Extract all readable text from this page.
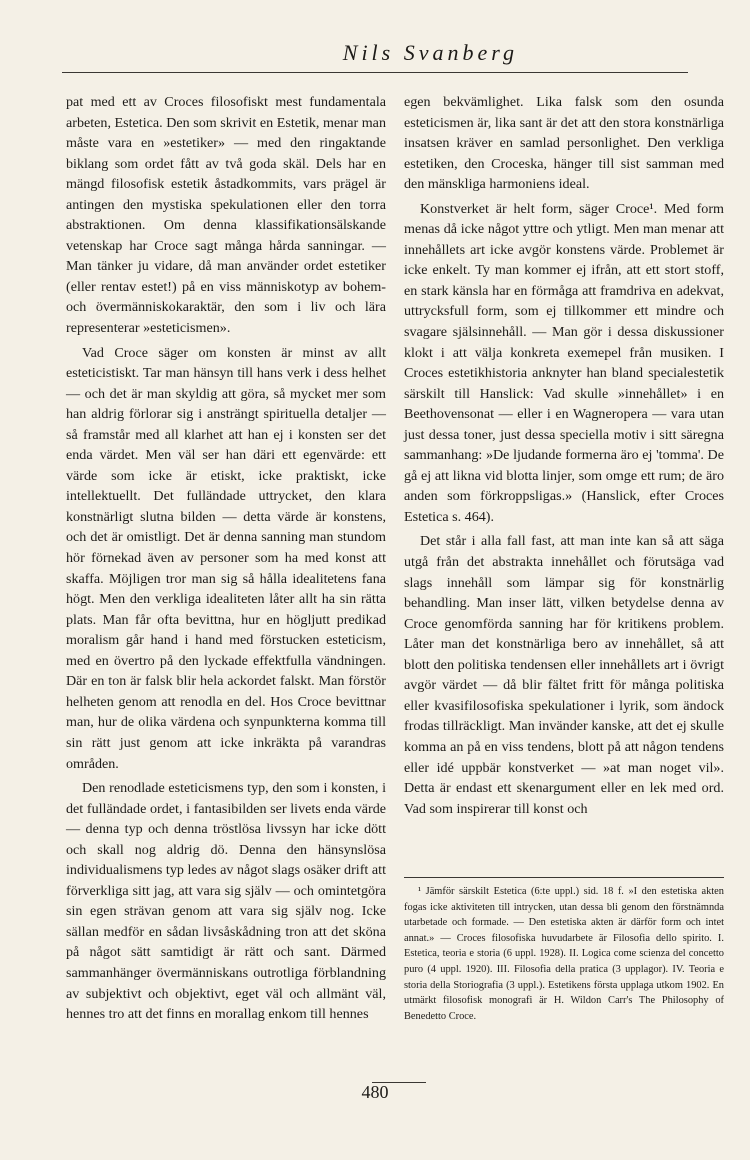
Nils Svanberg

pat med ett av Croces filosofiskt mest fundamentala arbeten, Estetica. Den som skrivit en Estetik, menar man måste vara en »estetiker» — med den ringaktande biklang som ordet fått av två goda skäl. Dels har en mängd filosofisk estetik åstadkommits, vars prägel är antingen den mystiska spekulationen eller den torra abstraktionen. Om denna klassifikationsälskande vetenskap har Croce sagt många hårda sanningar. — Man tänker ju vidare, då man använder ordet estetiker (eller rentav estet!) på en viss människotyp av bohem- och övermänniskokaraktär, den som i liv och lära representerar »esteticismen».

Vad Croce säger om konsten är minst av allt esteticistiskt. Tar man hänsyn till hans verk i dess helhet — och det är man skyldig att göra, så mycket mer som han aldrig förlorar sig i ansträngt spirituella detaljer — så framstår med all klarhet att han ej i konsten ser det enda värdet. Men väl ser han däri ett egenvärde: ett värde som icke är etiskt, icke praktiskt, icke intellektuellt. Det fulländade uttrycket, den klara konstnärligt slutna bilden — detta värde är konstens, och det är omistligt. Det är denna sanning man stundom hör förnekad även av personer som ha med konst att skaffa. Möjligen tror man sig så hålla idealitetens fana högt. Men den verkliga idealiteten låter allt ha sin rätta plats. Man får ofta bevittna, hur en högljutt predikad moralism går hand i hand med förstucken esteticism, med en övertro på den lyckade effektfulla vändningen. Där en ton är falsk blir hela ackordet falskt. Man förstör helheten genom att renodla en del. Hos Croce bevittnar man, hur de olika värdena och synpunkterna komma till sin rätt just genom att icke inkräkta på varandras områden.

Den renodlade esteticismens typ, den som i konsten, i det fulländade ordet, i fantasibilden ser livets enda värde — denna typ och denna tröstlösa livssyn har icke dött och skall nog aldrig dö. Denna den hänsynslösa individualismens typ ledes av något slags osäker drift att förverkliga sitt jag, att vara sig själv — och omintetgöra sin egen strävan genom att vara sig själv nog. Icke sällan medför en sådan livsåskådning tron att det sköna på något sätt samtidigt är rätt och sant. Därmed sammanhänger övermänniskans outrotliga förblandning av subjektivt och objektivt, eget väl och allmänt väl, hennes tro att det finns en morallag enkom till hennes

egen bekvämlighet. Lika falsk som den osunda esteticismen är, lika sant är det att den stora konstnärliga insatsen kräver en samlad personlighet. Den verkliga estetiken, den Croceska, hänger till sist samman med den mänskliga harmoniens ideal.

Konstverket är helt form, säger Croce¹. Med form menas då icke något yttre och ytligt. Men man menar att innehållets art icke avgör konstens värde. Problemet är icke enkelt. Ty man kommer ej ifrån, att ett stort stoff, en stark känsla har en förmåga att framdriva en adekvat, uttrycksfull form, som ej tillkommer ett mindre och svagare själsinnehåll. — Man gör i dessa diskussioner klokt i att välja konkreta exemepel från musiken. I Croces estetikhistoria anknyter han bland specialestetik särskilt till Hanslick: Vad skulle »innehållet» i en Beethovensonat — eller i en Wagneropera — vara utan just dessa toner, just dessa speciella motiv i sitt säregna sammanhang: »De ljudande formerna äro ej 'tomma'. De gå ej att likna vid blotta linjer, som omge ett rum; de äro anden som förkroppsligas.» (Hanslick, efter Croces Estetica s. 464).

Det står i alla fall fast, att man inte kan så att säga utgå från det abstrakta innehållet och förutsäga vad slags innehåll som lämpar sig för konstnärlig behandling. Man inser lätt, vilken betydelse denna av Croce genomförda sanning har för kritikens problem. Låter man det konstnärliga bero av innehållet, så att blott den politiska tendensen eller innehållets art i övrigt avgör värdet — då blir fältet fritt för många politiska eller kvasifilosofiska spekulationer i lyrik, som ändock frodas tillräckligt. Man invänder kanske, att det ej skulle komma an på en viss tendens, blott på att någon tendens eller idé uppbär konstverket — »at man noget vil». Detta är endast ett skenargument eller en lek med ord. Vad som inspirerar till konst och

¹ Jämför särskilt Estetica (6:te uppl.) sid. 18 f. »I den estetiska akten fogas icke aktiviteten till intrycken, utan dessa bli genom den förstnämnda utarbetade och formade. — Den estetiska akten är därför form och intet annat.» — Croces filosofiska huvudarbete är Filosofia dello spirito. I. Estetica, teoria e storia (6 uppl. 1928). II. Logica come scienza del concetto puro (4 uppl. 1920). III. Filosofia della pratica (3 upplagor). IV. Teoria e storia della Storiografia (3 uppl.). Estetikens första upplaga utkom 1902. En utmärkt filosofisk monografi är H. Wildon Carr's The Philosophy of Benedetto Croce.

480
